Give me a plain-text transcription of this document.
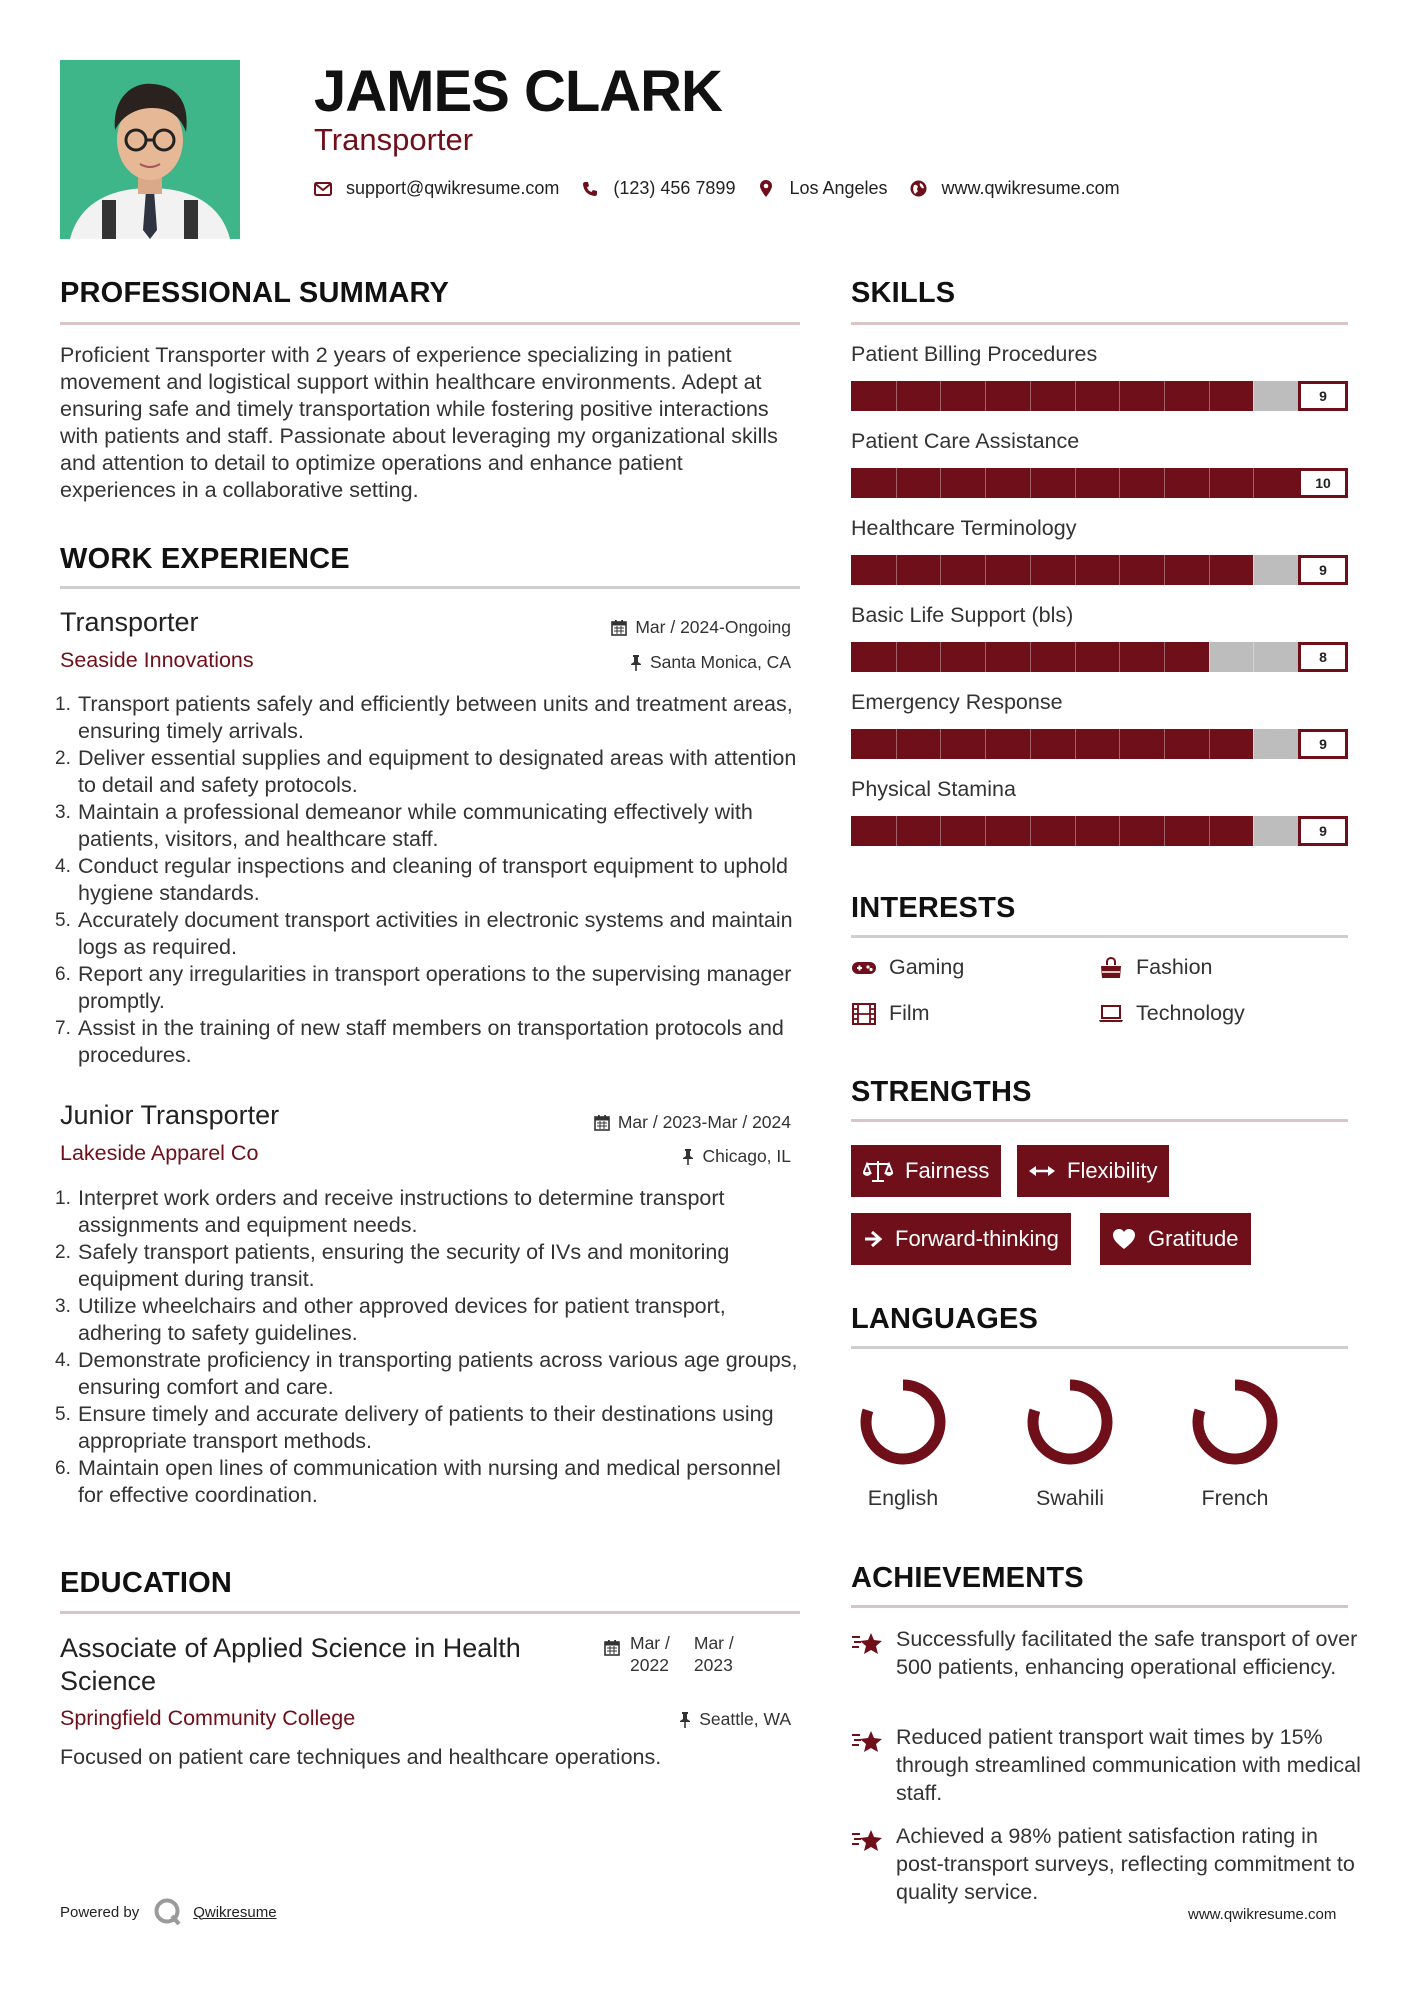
JAMES CLARK
Transporter
support@qwikresume.com	(123) 456 7899	Los Angeles	www.qwikresume.com
PROFESSIONAL SUMMARY
Proficient Transporter with 2 years of experience specializing in patient movement and logistical support within healthcare environments. Adept at ensuring safe and timely transportation while fostering positive interactions with patients and staff. Passionate about leveraging my organizational skills and attention to detail to optimize operations and enhance patient experiences in a collaborative setting.
WORK EXPERIENCE
Transporter	Mar / 2024-Ongoing
Seaside Innovations	Santa Monica, CA
Transport patients safely and efficiently between units and treatment areas, ensuring timely arrivals.
Deliver essential supplies and equipment to designated areas with attention to detail and safety protocols.
Maintain a professional demeanor while communicating effectively with patients, visitors, and healthcare staff.
Conduct regular inspections and cleaning of transport equipment to uphold hygiene standards.
Accurately document transport activities in electronic systems and maintain logs as required.
Report any irregularities in transport operations to the supervising manager promptly.
Assist in the training of new staff members on transportation protocols and procedures.
Junior Transporter	Mar / 2023-Mar / 2024
Lakeside Apparel Co	Chicago, IL
Interpret work orders and receive instructions to determine transport assignments and equipment needs.
Safely transport patients, ensuring the security of IVs and monitoring equipment during transit.
Utilize wheelchairs and other approved devices for patient transport, adhering to safety guidelines.
Demonstrate proficiency in transporting patients across various age groups, ensuring comfort and care.
Ensure timely and accurate delivery of patients to their destinations using appropriate transport methods.
Maintain open lines of communication with nursing and medical personnel for effective coordination.
EDUCATION
Associate of Applied Science in Health Science
Mar /
2022
Mar /
2023
Springfield Community College	Seattle, WA
Focused on patient care techniques and healthcare operations.
SKILLS
Patient Billing Procedures
9
Patient Care Assistance
10
Healthcare Terminology
9
Basic Life Support (bls)
8
Emergency Response
9
Physical Stamina
9
INTERESTS
Gaming	Fashion
Film	Technology
STRENGTHS
Fairness	Flexibility
Forward-thinking	Gratitude
LANGUAGES
English	Swahili	French
ACHIEVEMENTS
Successfully facilitated the safe transport of over 500 patients, enhancing operational efficiency.
Reduced patient transport wait times by 15% through streamlined communication with medical staff.
Achieved a 98% patient satisfaction rating in post-transport surveys, reflecting commitment to quality service.
Powered by	Qwikresume	www.qwikresume.com
